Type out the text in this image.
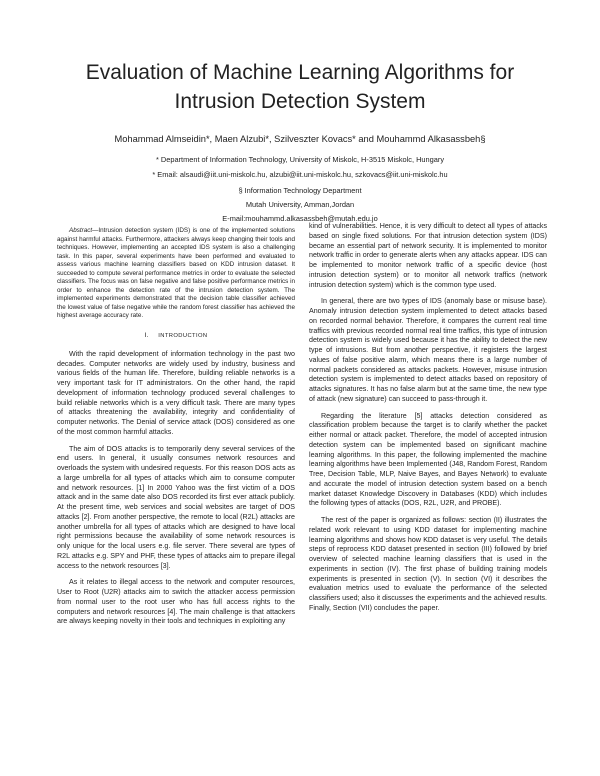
Evaluation of Machine Learning Algorithms for
Intrusion Detection System
Mohammad Almseidin*, Maen Alzubi*, Szilveszter Kovacs* and Mouhammd Alkasassbeh§
* Department of Information Technology, University of Miskolc, H-3515 Miskolc, Hungary
* Email: alsaudi@iit.uni-miskolc.hu, alzubi@iit.uni-miskolc.hu, szkovacs@iit.uni-miskolc.hu
§ Information Technology Department
Mutah University, Amman,Jordan
E-mail:mouhammd.alkasassbeh@mutah.edu.jo

Abstract—Intrusion detection system (IDS) is one of the implemented solutions against harmful attacks. Furthermore, attackers always keep changing their tools and techniques. However, implementing an accepted IDS system is also a challenging task. In this paper, several experiments have been performed and evaluated to assess various machine learning classifiers based on KDD intrusion dataset. It succeeded to compute several performance metrics in order to evaluate the selected classifiers. The focus was on false negative and false positive performance metrics in order to enhance the detection rate of the intrusion detection system. The implemented experiments demonstrated that the decision table classifier achieved the lowest value of false negative while the random forest classifier has achieved the highest average accuracy rate.

I. INTRODUCTION

With the rapid development of information technology in the past two decades. Computer networks are widely used by industry, business and various fields of the human life. Therefore, building reliable networks is a very important task for IT administrators. On the other hand, the rapid development of information technology produced several challenges to build reliable networks which is a very difficult task. There are many types of attacks threatening the availability, integrity and confidentiality of computer networks. The Denial of service attack (DOS) considered as one of the most common harmful attacks.

The aim of DOS attacks is to temporarily deny several services of the end users. In general, it usually consumes network resources and overloads the system with undesired requests. For this reason DOS acts as a large umbrella for all types of attacks which aim to consume computer and network resources. [1] In 2000 Yahoo was the first victim of a DOS attack and in the same date also DOS recorded its first ever attack publicly. At the present time, web services and social websites are target of DOS attacks [2]. From another perspective, the remote to local (R2L) attacks are another umbrella for all types of attacks which are designed to have local right permissions because the availability of some network resources is only unique for the local users e.g. file server. There several are types of R2L attacks e.g. SPY and PHF, these types of attacks aim to prepare illegal access to the network resources [3].

As it relates to illegal access to the network and computer resources, User to Root (U2R) attacks aim to switch the attacker access permission from normal user to the root user who has full access rights to the computers and network resources [4]. The main challenge is that attackers are always keeping novelty in their tools and techniques in exploiting any

kind of vulnerabilities. Hence, it is very difficult to detect all types of attacks based on single fixed solutions. For that intrusion detection system (IDS) became an essential part of network security. It is implemented to monitor network traffic in order to generate alerts when any attacks appear. IDS can be implemented to monitor network traffic of a specific device (host intrusion detection system) or to monitor all network traffics (network intrusion detection system) which is the common type used.

In general, there are two types of IDS (anomaly base or misuse base). Anomaly intrusion detection system implemented to detect attacks based on recorded normal behavior. Therefore, it compares the current real time traffics with previous recorded normal real time traffics, this type of intrusion detection system is widely used because it has the ability to detect the new type of intrusions. But from another perspective, it registers the largest values of false positive alarm, which means there is a large number of normal packets considered as attacks packets. However, misuse intrusion detection system is implemented to detect attacks based on repository of attacks signatures. It has no false alarm but at the same time, the new type of attack (new signature) can succeed to pass-through it.

Regarding the literature [5] attacks detection considered as classification problem because the target is to clarify whether the packet either normal or attack packet. Therefore, the model of accepted intrusion detection system can be implemented based on significant machine learning algorithms. In this paper, the following implemented the machine learning algorithms have been Implemented (J48, Random Forest, Random Tree, Decision Table, MLP, Naive Bayes, and Bayes Network) to evaluate and accurate the model of intrusion detection system based on a bench market dataset Knowledge Discovery in Databases (KDD) which includes the following types of attacks (DOS, R2L, U2R, and PROBE).

The rest of the paper is organized as follows: section (II) illustrates the related work relevant to using KDD dataset for implementing machine learning algorithms and shows how KDD dataset is very useful. The details steps of reprocess KDD dataset presented in section (III) followed by brief overview of selected machine learning classifiers that is used in the experiments in section (IV). The first phase of building training models experiments is presented in section (V). In section (VI) it describes the evaluation metrics used to evaluate the performance of the selected classifiers used; also it discusses the experiments and the achieved results. Finally, Section (VII) concludes the paper.
